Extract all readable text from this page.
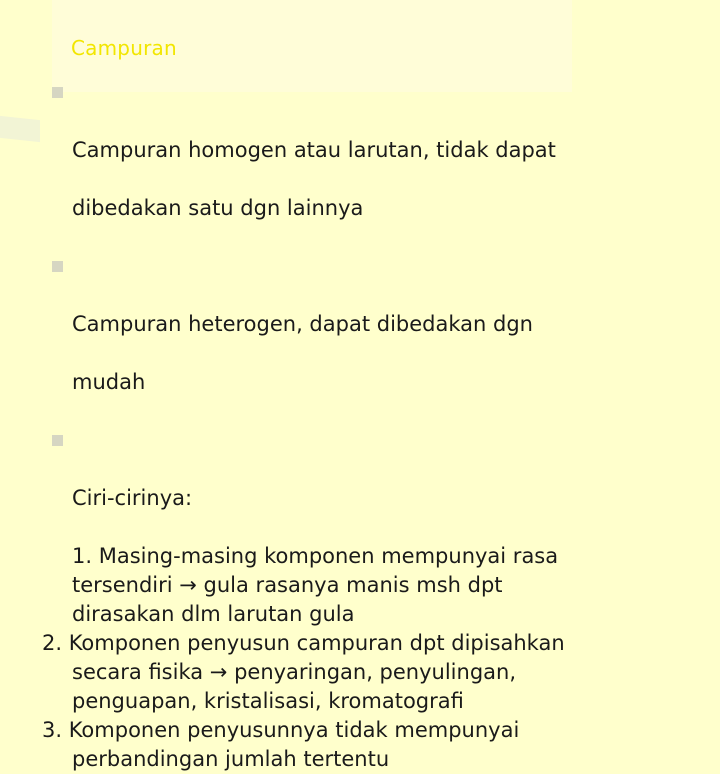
Campuran

Campuran homogen atau larutan, tidak dapat

dibedakan satu dgn lainnya

Campuran heterogen, dapat dibedakan dgn

mudah

Ciri-cirinya:

1. Masing-masing komponen mempunyai rasa
tersendiri → gula rasanya manis msh dpt
dirasakan dlm larutan gula
2. Komponen penyusun campuran dpt dipisahkan
secara fisika → penyaringan, penyulingan,
penguapan, kristalisasi, kromatografi
3. Komponen penyusunnya tidak mempunyai
perbandingan jumlah tertentu
